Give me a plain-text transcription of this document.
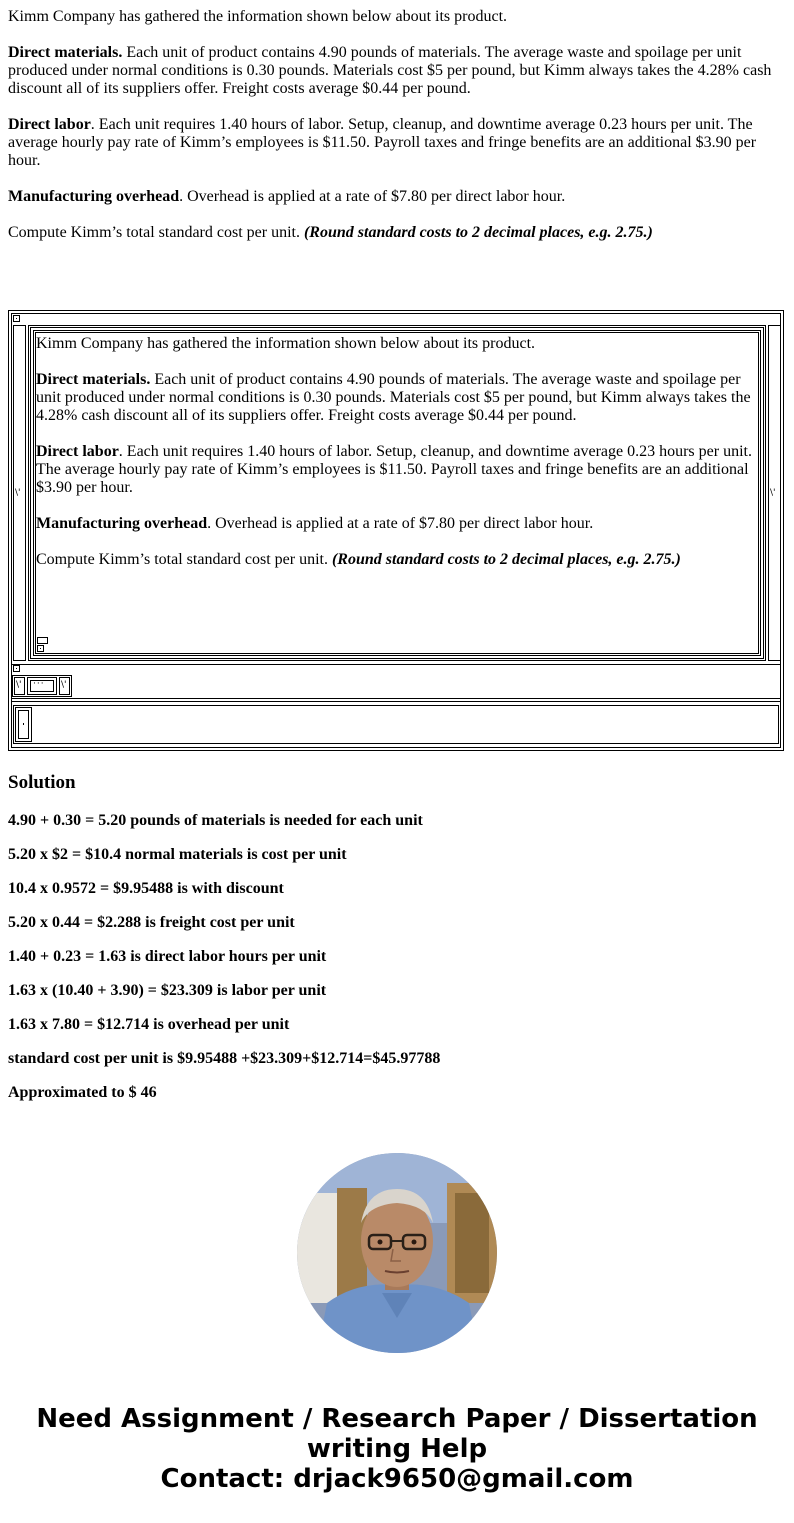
Kimm Company has gathered the information shown below about its product.

Direct materials. Each unit of product contains 4.90 pounds of materials. The average waste and spoilage per unit produced under normal conditions is 0.30 pounds. Materials cost $5 per pound, but Kimm always takes the 4.28% cash discount all of its suppliers offer. Freight costs average $0.44 per pound.

Direct labor. Each unit requires 1.40 hours of labor. Setup, cleanup, and downtime average 0.23 hours per unit. The average hourly pay rate of Kimm’s employees is $11.50. Payroll taxes and fringe benefits are an additional $3.90 per hour.

Manufacturing overhead. Overhead is applied at a rate of $7.80 per direct labor hour.

Compute Kimm’s total standard cost per unit. (Round standard costs to 2 decimal places, e.g. 2.75.)

\'	\'

Kimm Company has gathered the information shown below about its product.

Direct materials. Each unit of product contains 4.90 pounds of materials. The average waste and spoilage per unit produced under normal conditions is 0.30 pounds. Materials cost $5 per pound, but Kimm always takes the 4.28% cash discount all of its suppliers offer. Freight costs average $0.44 per pound.

Direct labor. Each unit requires 1.40 hours of labor. Setup, cleanup, and downtime average 0.23 hours per unit. The average hourly pay rate of Kimm’s employees is $11.50. Payroll taxes and fringe benefits are an additional $3.90 per hour.

Manufacturing overhead. Overhead is applied at a rate of $7.80 per direct labor hour.

Compute Kimm’s total standard cost per unit. (Round standard costs to 2 decimal places, e.g. 2.75.)

\' ··· \'
Solution

4.90 + 0.30 = 5.20 pounds of materials is needed for each unit

5.20 x $2 = $10.4 normal materials is cost per unit

10.4 x 0.9572 = $9.95488 is with discount

5.20 x 0.44 = $2.288 is freight cost per unit

1.40 + 0.23 = 1.63 is direct labor hours per unit

1.63 x (10.40 + 3.90) = $23.309 is labor per unit

1.63 x 7.80 = $12.714 is overhead per unit

standard cost per unit is $9.95488 +$23.309+$12.714=$45.97788

Approximated to $ 46

Need Assignment / Research Paper / Dissertation
writing Help
Contact: drjack9650@gmail.com
